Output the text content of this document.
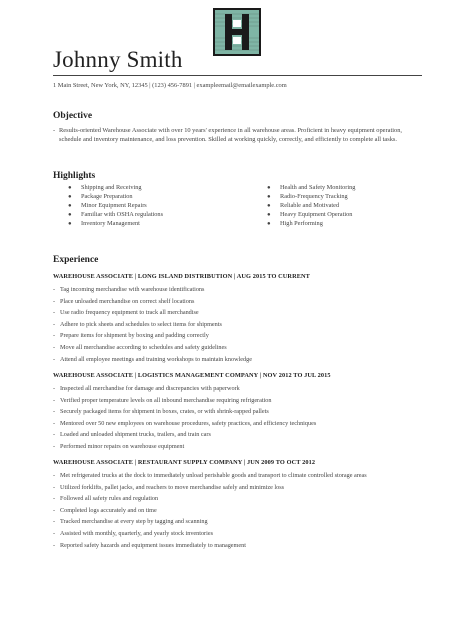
Johnny Smith
1 Main Street, New York, NY, 12345 | (123) 456-7891 | exampleemail@emailexample.com
Objective
- Results-oriented Warehouse Associate with over 10 years' experience in all warehouse areas. Proficient in heavy equipment operation, schedule and inventory maintenance, and loss prevention. Skilled at working quickly, correctly, and efficiently to complete all tasks.
Highlights
● Shipping and Receiving
● Package Preparation
● Minor Equipment Repairs
● Familiar with OSHA regulations
● Inventory Management
● Health and Safety Monitoring
● Radio-Frequency Tracking
● Reliable and Motivated
● Heavy Equipment Operation
● High Performing
Experience
WAREHOUSE ASSOCIATE | LONG ISLAND DISTRIBUTION | AUG 2015 TO CURRENT
- Tag incoming merchandise with warehouse identifications
- Place unloaded merchandise on correct shelf locations
- Use radio frequency equipment to track all merchandise
- Adhere to pick sheets and schedules to select items for shipments
- Prepare items for shipment by boxing and padding correctly
- Move all merchandise according to schedules and safety guidelines
- Attend all employee meetings and training workshops to maintain knowledge
WAREHOUSE ASSOCIATE | LOGISTICS MANAGEMENT COMPANY | NOV 2012 TO JUL 2015
- Inspected all merchandise for damage and discrepancies with paperwork
- Verified proper temperature levels on all inbound merchandise requiring refrigeration
- Securely packaged items for shipment in boxes, crates, or with shrink-rapped pallets
- Mentored over 50 new employees on warehouse procedures, safety practices, and efficiency techniques
- Loaded and unloaded shipment trucks, trailers, and train cars
- Performed minor repairs on warehouse equipment
WAREHOUSE ASSOCIATE | RESTAURANT SUPPLY COMPANY | JUN 2009 TO OCT 2012
- Met refrigerated trucks at the dock to immediately unload perishable goods and transport to climate controlled storage areas
- Utilized forklifts, pallet jacks, and reachers to move merchandise safely and minimize loss
- Followed all safety rules and regulation
- Completed logs accurately and on time
- Tracked merchandise at every step by tagging and scanning
- Assisted with monthly, quarterly, and yearly stock inventories
- Reported safety hazards and equipment issues immediately to management
